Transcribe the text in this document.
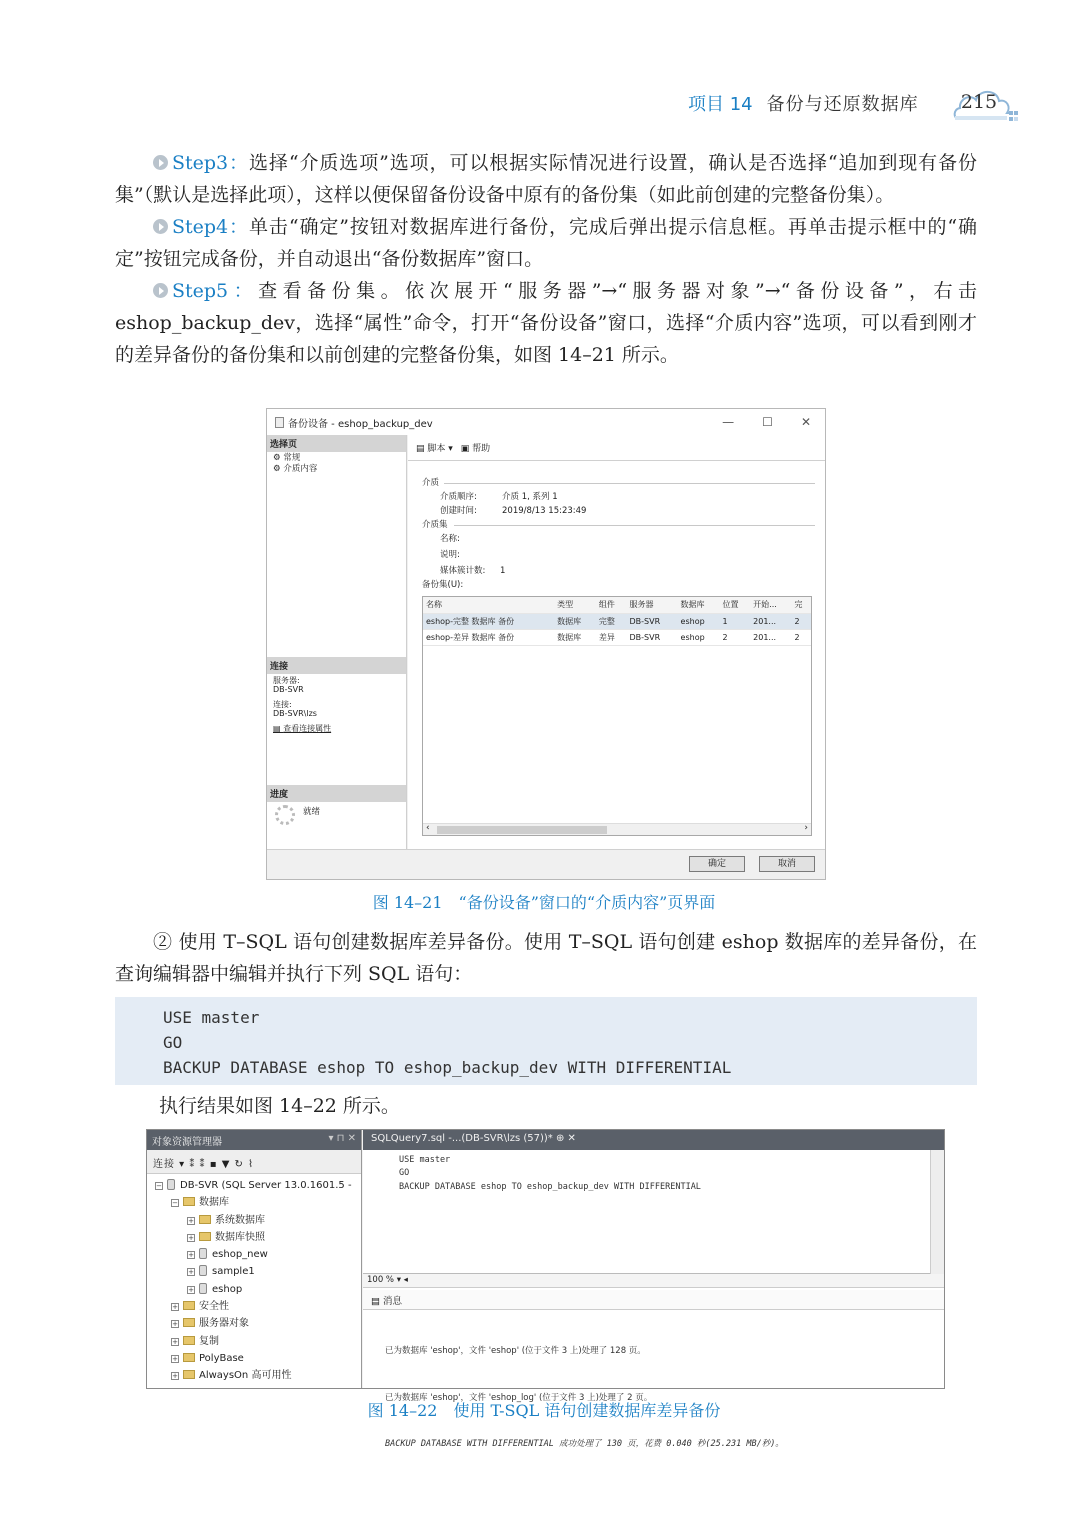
项目 14 备份与还原数据库	215

Step3：选择“介质选项”选项，可以根据实际情况进行设置，确认是否选择“追加到现有备份集”（默认是选择此项），这样以便保留备份设备中原有的备份集（如此前创建的完整备份集）。

Step4：单击“确定”按钮对数据库进行备份，完成后弹出提示信息框。再单击提示框中的“确定”按钮完成备份，并自动退出“备份数据库”窗口。

Step5：查看备份集。依次展开“服务器”→“服务器对象”→“备份设备”，右击 eshop_backup_dev，选择“属性”命令，打开“备份设备”窗口，选择“介质内容”选项，可以看到刚才的差异备份的备份集和以前创建的完整备份集，如图 14–21 所示。

备份设备 - eshop_backup_dev	— ☐ ✕
选择页
⚙ 常规
⚙ 介质内容
连接
服务器:
DB-SVR
连接:
DB-SVR\lzs
▤ 查看连接属性
进度
就绪
▤ 脚本 ▾ ▣ 帮助
介质
介质顺序:	介质 1, 系列 1
创建时间:	2019/8/13 15:23:49
介质集
名称:
说明:
媒体簇计数: 1
备份集(U):
名称	类型	组件	服务器	数据库	位置	开始...	完
eshop-完整 数据库 备份	数据库	完整	DB-SVR	eshop	1	201...	2
eshop-差异 数据库 备份	数据库	差异	DB-SVR	eshop	2	201...	2
‹	›
确定	取消
图 14–21　“备份设备”窗口的“介质内容”页界面

② 使用 T–SQL 语句创建数据库差异备份。使用 T–SQL 语句创建 eshop 数据库的差异备份，在查询编辑器中编辑并执行下列 SQL 语句：

USE master
GO
BACKUP DATABASE eshop TO eshop_backup_dev WITH DIFFERENTIAL
执行结果如图 14–22 所示。
对象资源管理器	▾ ⊓ ✕
连接 ▾ ⁑ ⁑ ▪ ▼ ↻ ⌇
− DB-SVR (SQL Server 13.0.1601.5 -
− 数据库
+ 系统数据库
+ 数据库快照
+ eshop_new
+ sample1
+ eshop
+ 安全性
+ 服务器对象
+ 复制
+ PolyBase
+ AlwaysOn 高可用性
SQLQuery7.sql -...(DB-SVR\lzs (57))* ⊕ ✕
USE master
GO
BACKUP DATABASE eshop TO eshop_backup_dev WITH DIFFERENTIAL
100 % ▾ ◂
▤ 消息

已为数据库 'eshop'，文件 'eshop' (位于文件 3 上)处理了 128 页。

已为数据库 'eshop'，文件 'eshop_log' (位于文件 3 上)处理了 2 页。

BACKUP DATABASE WITH DIFFERENTIAL 成功处理了 130 页，花费 0.040 秒(25.231 MB/秒)。

图 14–22　使用 T-SQL 语句创建数据库差异备份
